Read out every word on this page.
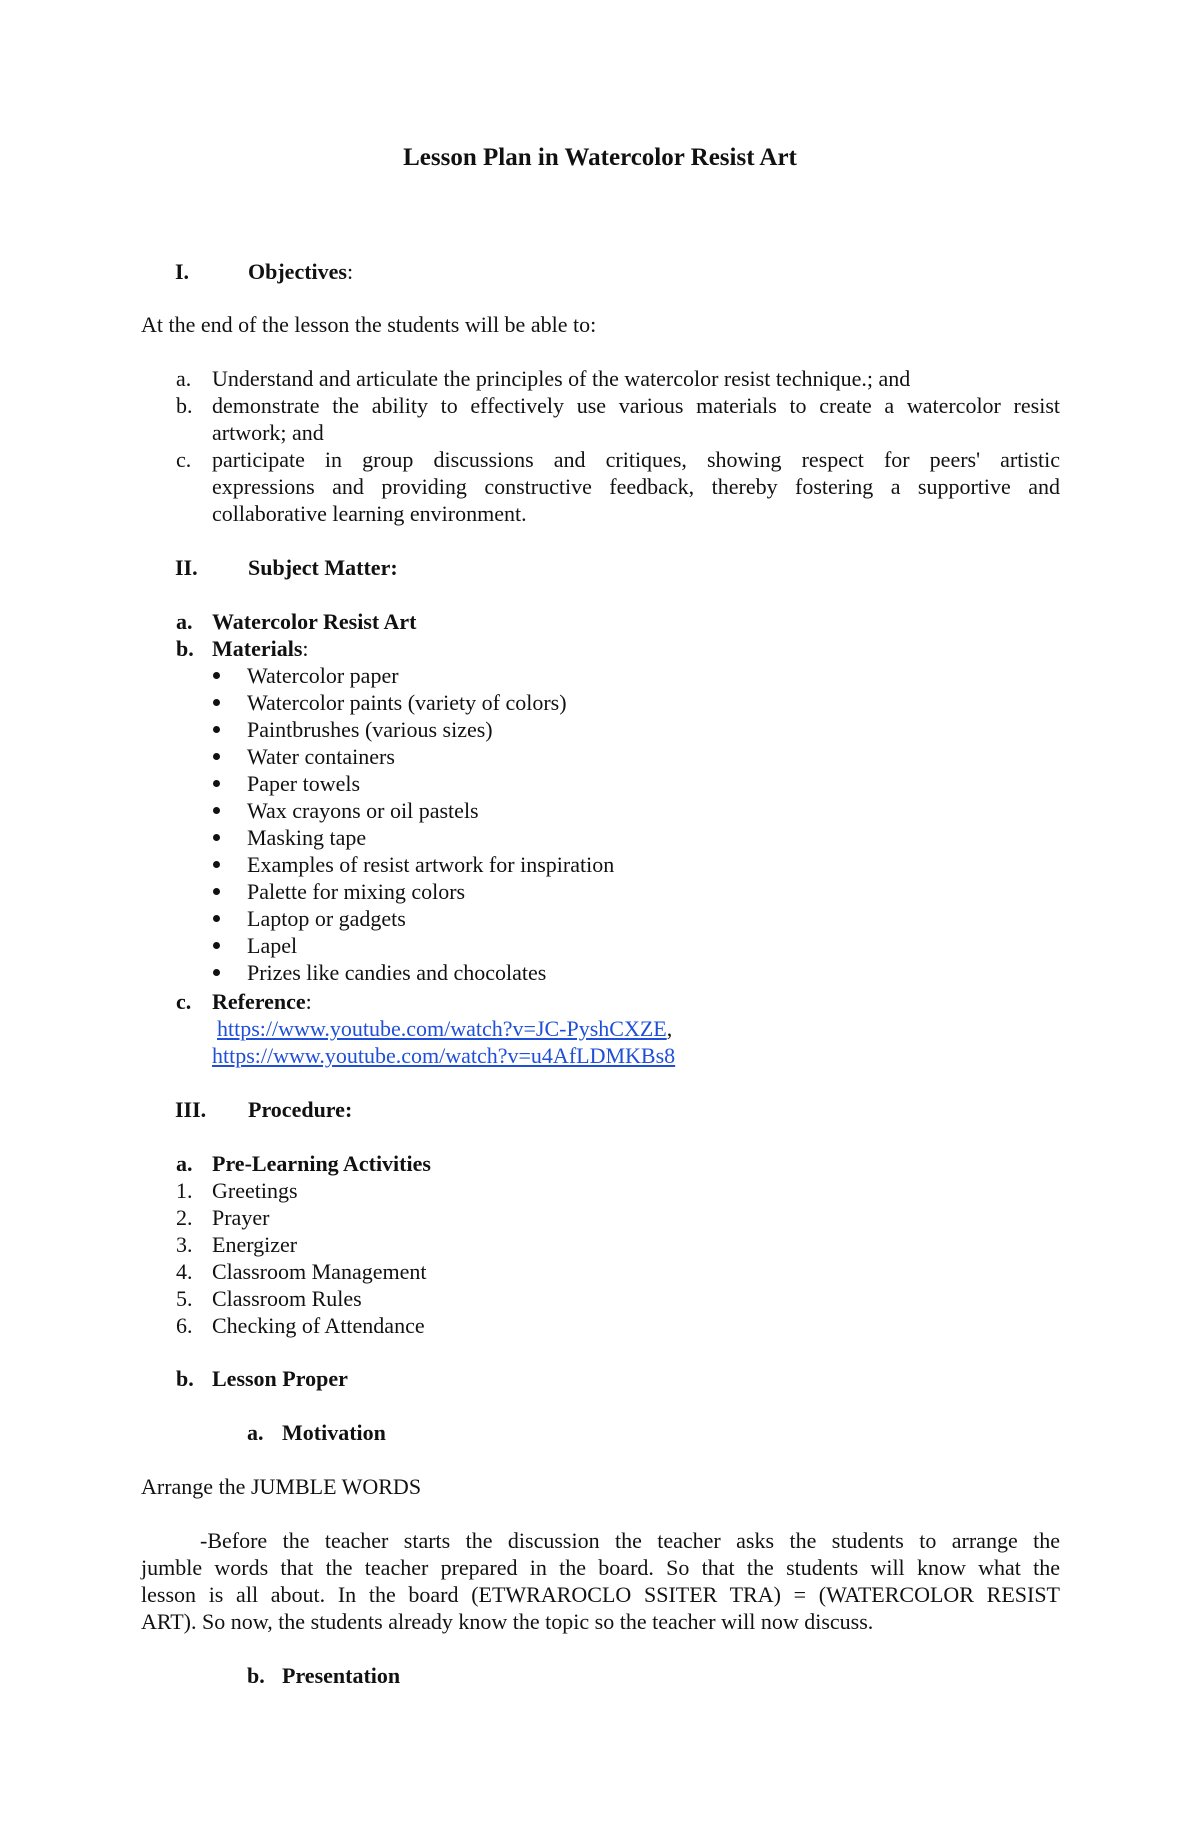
Lesson Plan in Watercolor Resist Art
I.	Objectives:
At the end of the lesson the students will be able to:
a. Understand and articulate the principles of the watercolor resist technique.; and
b. demonstrate the ability to effectively use various materials to create a watercolor resist
artwork; and
c. participate in group discussions and critiques, showing respect for peers' artistic
expressions and providing constructive feedback, thereby fostering a supportive and
collaborative learning environment.
II. Subject Matter:
a. Watercolor Resist Art
b. Materials:
Watercolor paper
Watercolor paints (variety of colors)
Paintbrushes (various sizes)
Water containers
Paper towels
Wax crayons or oil pastels
Masking tape
Examples of resist artwork for inspiration
Palette for mixing colors
Laptop or gadgets
Lapel
Prizes like candies and chocolates
c. Reference:
https://www.youtube.com/watch?v=JC-PyshCXZE,
https://www.youtube.com/watch?v=u4AfLDMKBs8
III. Procedure:
a. Pre-Learning Activities
1. Greetings
2. Prayer
3. Energizer
4. Classroom Management
5. Classroom Rules
6. Checking of Attendance
b. Lesson Proper
a. Motivation
Arrange the JUMBLE WORDS
-Before the teacher starts the discussion the teacher asks the students to arrange the
jumble words that the teacher prepared in the board. So that the students will know what the
lesson is all about. In the board (ETWRAROCLO SSITER TRA) = (WATERCOLOR RESIST
ART). So now, the students already know the topic so the teacher will now discuss.
b. Presentation
